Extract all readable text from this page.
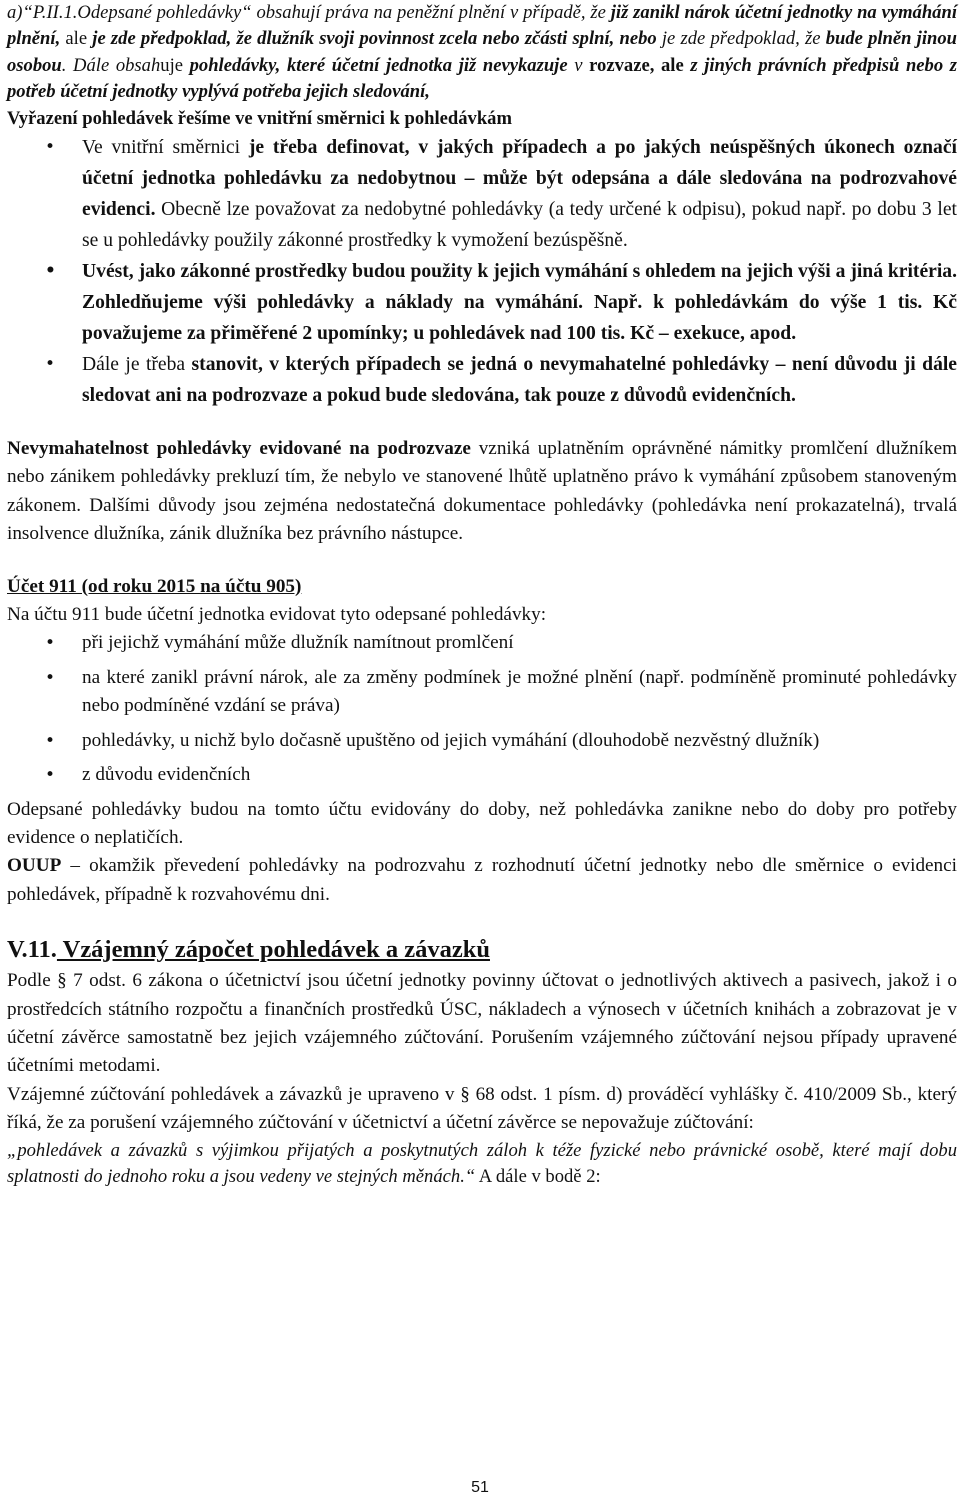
a)“P.II.1.Odepsané pohledávky“ obsahují práva na peněžní plnění v případě, že již zanikl nárok účetní jednotky na vymáhání plnění, ale je zde předpoklad, že dlužník svoji povinnost zcela nebo zčásti splní, nebo je zde předpoklad, že bude plněn jinou osobou. Dále obsahuje pohledávky, které účetní jednotka již nevykazuje v rozvaze, ale z jiných právních předpisů nebo z potřeb účetní jednotky vyplývá potřeba jejich sledování,

Vyřazení pohledávek řešíme ve vnitřní směrnici k pohledávkám

• Ve vnitřní směrnici je třeba definovat, v jakých případech a po jakých neúspěšných úkonech označí účetní jednotka pohledávku za nedobytnou – může být odepsána a dále sledována na podrozvahové evidenci. Obecně lze považovat za nedobytné pohledávky (a tedy určené k odpisu), pokud např. po dobu 3 let se u pohledávky použily zákonné prostředky k vymožení bezúspěšně.
• Uvést, jako zákonné prostředky budou použity k jejich vymáhání s ohledem na jejich výši a jiná kritéria. Zohledňujeme výši pohledávky a náklady na vymáhání. Např. k pohledávkám do výše 1 tis. Kč považujeme za přiměřené 2 upomínky; u pohledávek nad 100 tis. Kč – exekuce, apod.
• Dále je třeba stanovit, v kterých případech se jedná o nevymahatelné pohledávky – není důvodu ji dále sledovat ani na podrozvaze a pokud bude sledována, tak pouze z důvodů evidenčních.

Nevymahatelnost pohledávky evidované na podrozvaze vzniká uplatněním oprávněné námitky promlčení dlužníkem nebo zánikem pohledávky prekluzí tím, že nebylo ve stanovené lhůtě uplatněno právo k vymáhání způsobem stanoveným zákonem. Dalšími důvody jsou zejména nedostatečná dokumentace pohledávky (pohledávka není prokazatelná), trvalá insolvence dlužníka, zánik dlužníka bez právního nástupce.

Účet 911 (od roku 2015 na účtu 905)

Na účtu 911 bude účetní jednotka evidovat tyto odepsané pohledávky:

• při jejichž vymáhání může dlužník namítnout promlčení
• na které zanikl právní nárok, ale za změny podmínek je možné plnění (např. podmíněně prominuté pohledávky nebo podmíněné vzdání se práva)
• pohledávky, u nichž bylo dočasně upuštěno od jejich vymáhání (dlouhodobě nezvěstný dlužník)
• z důvodu evidenčních

Odepsané pohledávky budou na tomto účtu evidovány do doby, než pohledávka zanikne nebo do doby pro potřeby evidence o neplatičích.

OUUP – okamžik převedení pohledávky na podrozvahu z rozhodnutí účetní jednotky nebo dle směrnice o evidenci pohledávek, případně k rozvahovému dni.

V.11. Vzájemný zápočet pohledávek a závazků

Podle § 7 odst. 6 zákona o účetnictví jsou účetní jednotky povinny účtovat o jednotlivých aktivech a pasivech, jakož i o prostředcích státního rozpočtu a finančních prostředků ÚSC, nákladech a výnosech v účetních knihách a zobrazovat je v účetní závěrce samostatně bez jejich vzájemného zúčtování. Porušením vzájemného zúčtování nejsou případy upravené účetními metodami.

Vzájemné zúčtování pohledávek a závazků je upraveno v § 68 odst. 1 písm. d) prováděcí vyhlášky č. 410/2009 Sb., který říká, že za porušení vzájemného zúčtování v účetnictví a účetní závěrce se nepovažuje zúčtování:

„pohledávek a závazků s výjimkou přijatých a poskytnutých záloh k téže fyzické nebo právnické osobě, které mají dobu splatnosti do jednoho roku a jsou vedeny ve stejných měnách.“ A dále v bodě 2:

51
